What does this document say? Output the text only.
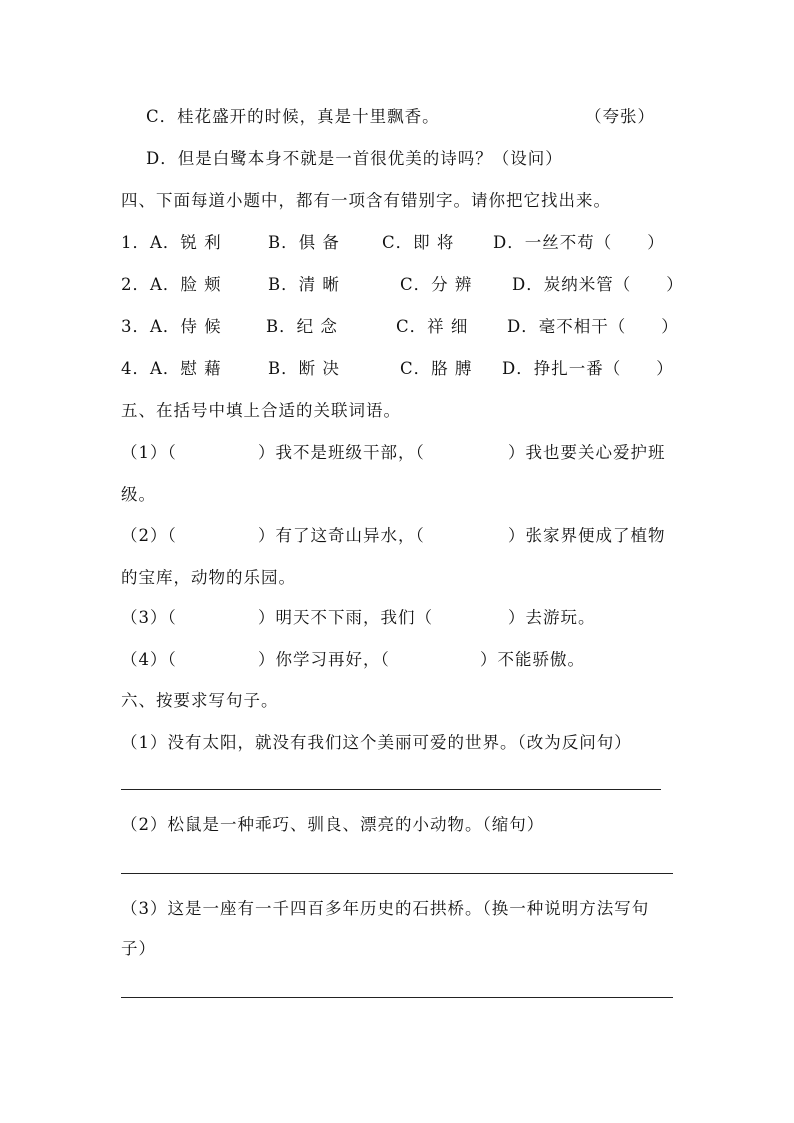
C．桂花盛开的时候，真是十里飘香。	（夸张）
D．但是白鹭本身不就是一首很优美的诗吗？（设问）
四、下面每道小题中，都有一项含有错别字。请你把它找出来。
1．A．锐 利	B．俱 备	C．即 将 D．一丝不苟（　　）
2．A．脸 颊	B．清 晰	C．分 辨 D．炭纳米管（　　）
3．A．侍 候	B．纪 念	C．祥 细 D．毫不相干（　　）
4．A．慰 藉	B．断 决	C．胳 膊 D．挣扎一番（　　）
五、在括号中填上合适的关联词语。
（1）（	）我不是班级干部，（	）我也要关心爱护班
级。
（2）（	）有了这奇山异水，（	）张家界便成了植物
的宝库，动物的乐园。
（3）（	）明天不下雨，我们（	）去游玩。
（4）（	）你学习再好，（	）不能骄傲。
六、按要求写句子。
（1）没有太阳，就没有我们这个美丽可爱的世界。（改为反问句）
（2）松鼠是一种乖巧、驯良、漂亮的小动物。（缩句）
（3）这是一座有一千四百多年历史的石拱桥。（换一种说明方法写句
子）
